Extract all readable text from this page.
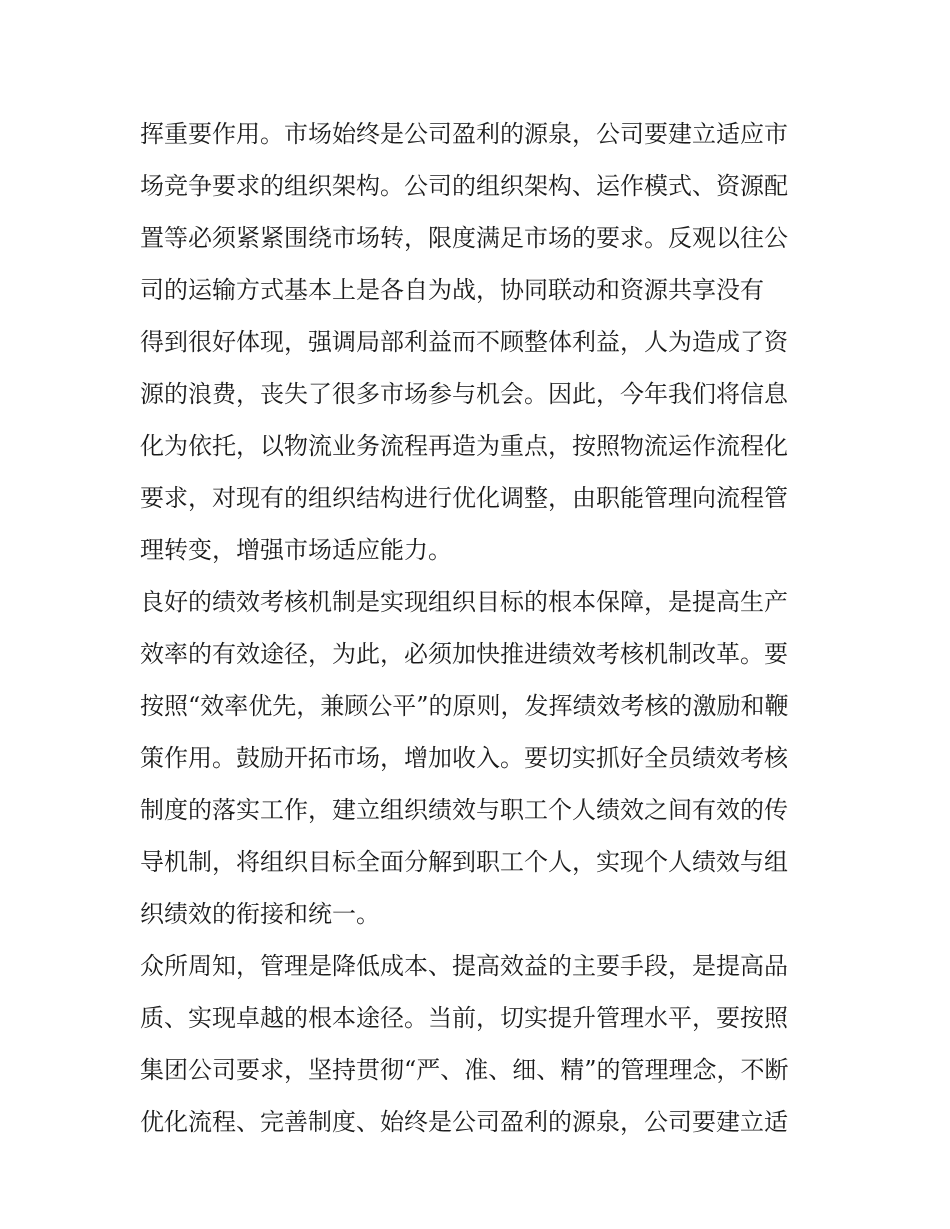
挥重要作用。市场始终是公司盈利的源泉，公司要建立适应市
场竞争要求的组织架构。公司的组织架构、运作模式、资源配
置等必须紧紧围绕市场转，限度满足市场的要求。反观以往公
司的运输方式基本上是各自为战，协同联动和资源共享没有
得到很好体现，强调局部利益而不顾整体利益，人为造成了资
源的浪费，丧失了很多市场参与机会。因此，今年我们将信息
化为依托，以物流业务流程再造为重点，按照物流运作流程化
要求，对现有的组织结构进行优化调整，由职能管理向流程管
理转变，增强市场适应能力。
良好的绩效考核机制是实现组织目标的根本保障，是提高生产
效率的有效途径，为此，必须加快推进绩效考核机制改革。要
按照“效率优先，兼顾公平”的原则，发挥绩效考核的激励和鞭
策作用。鼓励开拓市场，增加收入。要切实抓好全员绩效考核
制度的落实工作，建立组织绩效与职工个人绩效之间有效的传
导机制，将组织目标全面分解到职工个人，实现个人绩效与组
织绩效的衔接和统一。
众所周知，管理是降低成本、提高效益的主要手段，是提高品
质、实现卓越的根本途径。当前，切实提升管理水平，要按照
集团公司要求，坚持贯彻“严、准、细、精”的管理理念，不断
优化流程、完善制度、始终是公司盈利的源泉，公司要建立适
